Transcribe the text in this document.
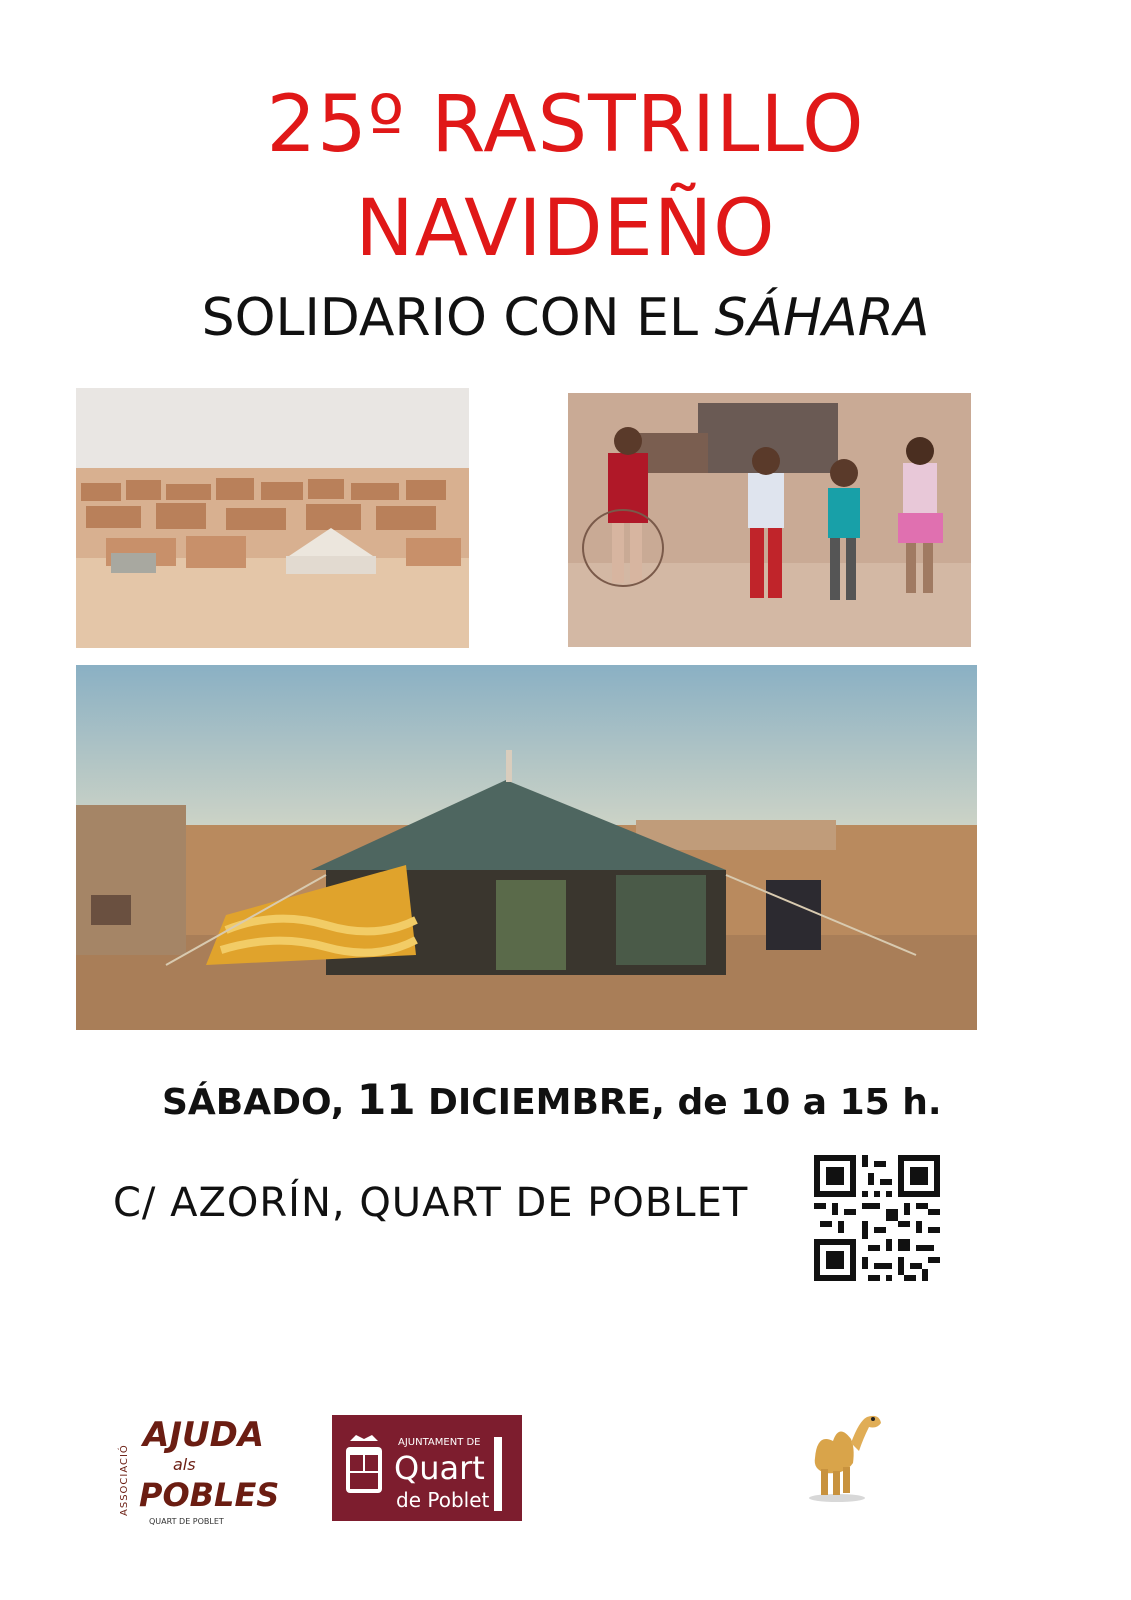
25º RASTRILLO
NAVIDEÑO
SOLIDARIO CON EL SÁHARA
SÁBADO, 11 DICIEMBRE, de 10 a 15 h.
C/ AZORÍN, QUART DE POBLET
ASSOCIACIÓ
AJUDA
als
POBLES
QUART DE POBLET
AJUNTAMENT DE
Quart
de Poblet
